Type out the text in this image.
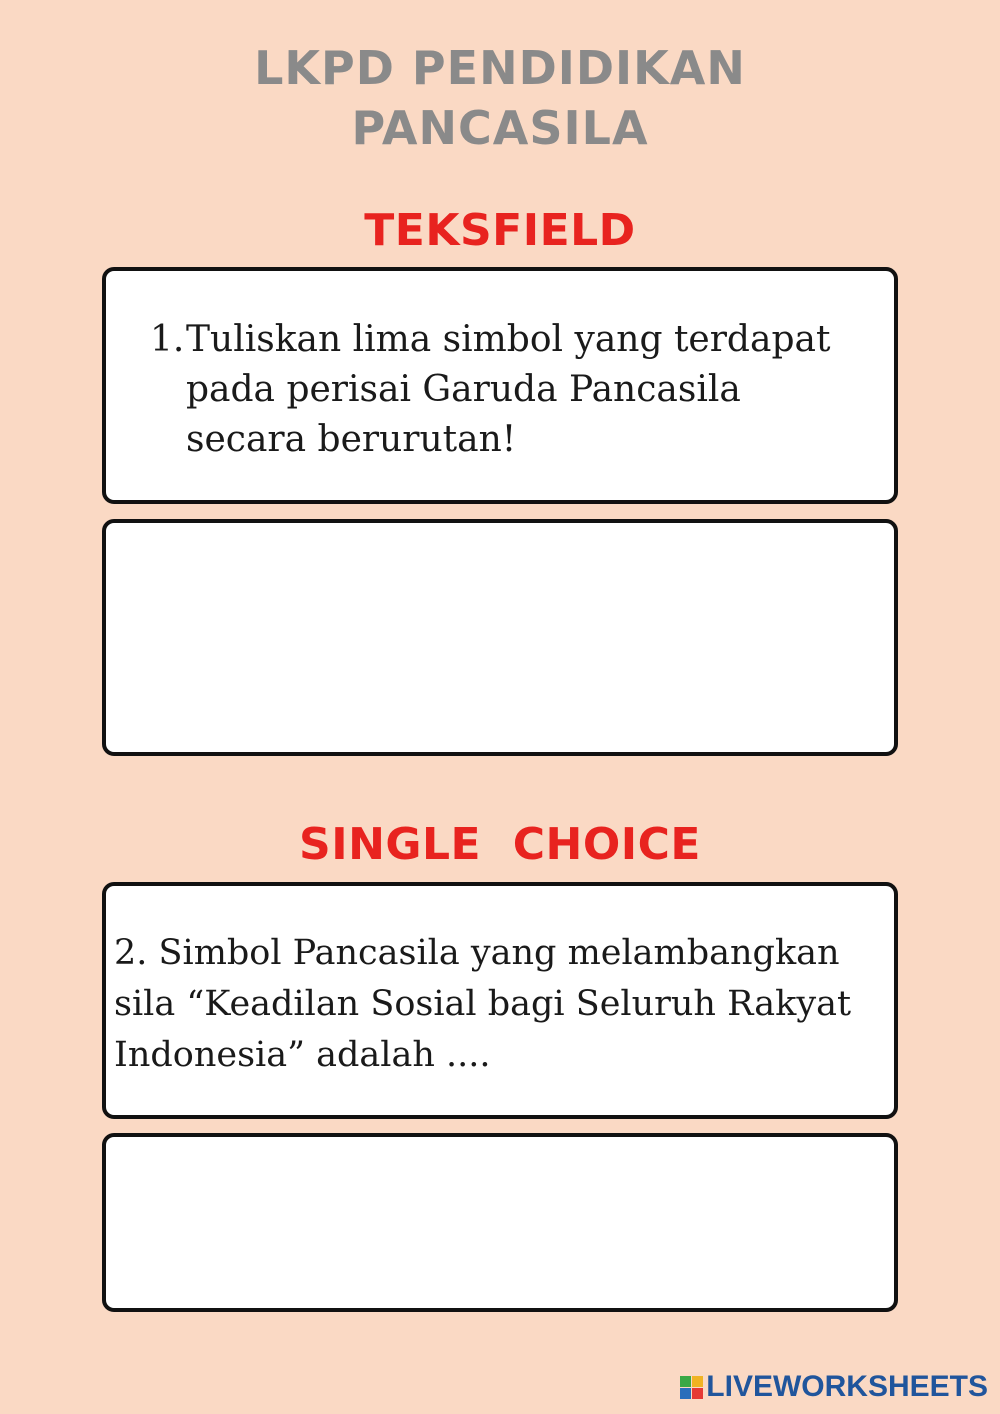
LKPD PENDIDIKAN
PANCASILA
TEKSFIELD
1. Tuliskan lima simbol yang terdapat pada perisai Garuda Pancasila secara berurutan!
SINGLE  CHOICE
2. Simbol Pancasila yang melambangkan sila “Keadilan Sosial bagi Seluruh Rakyat Indonesia” adalah ....
LIVEWORKSHEETS
